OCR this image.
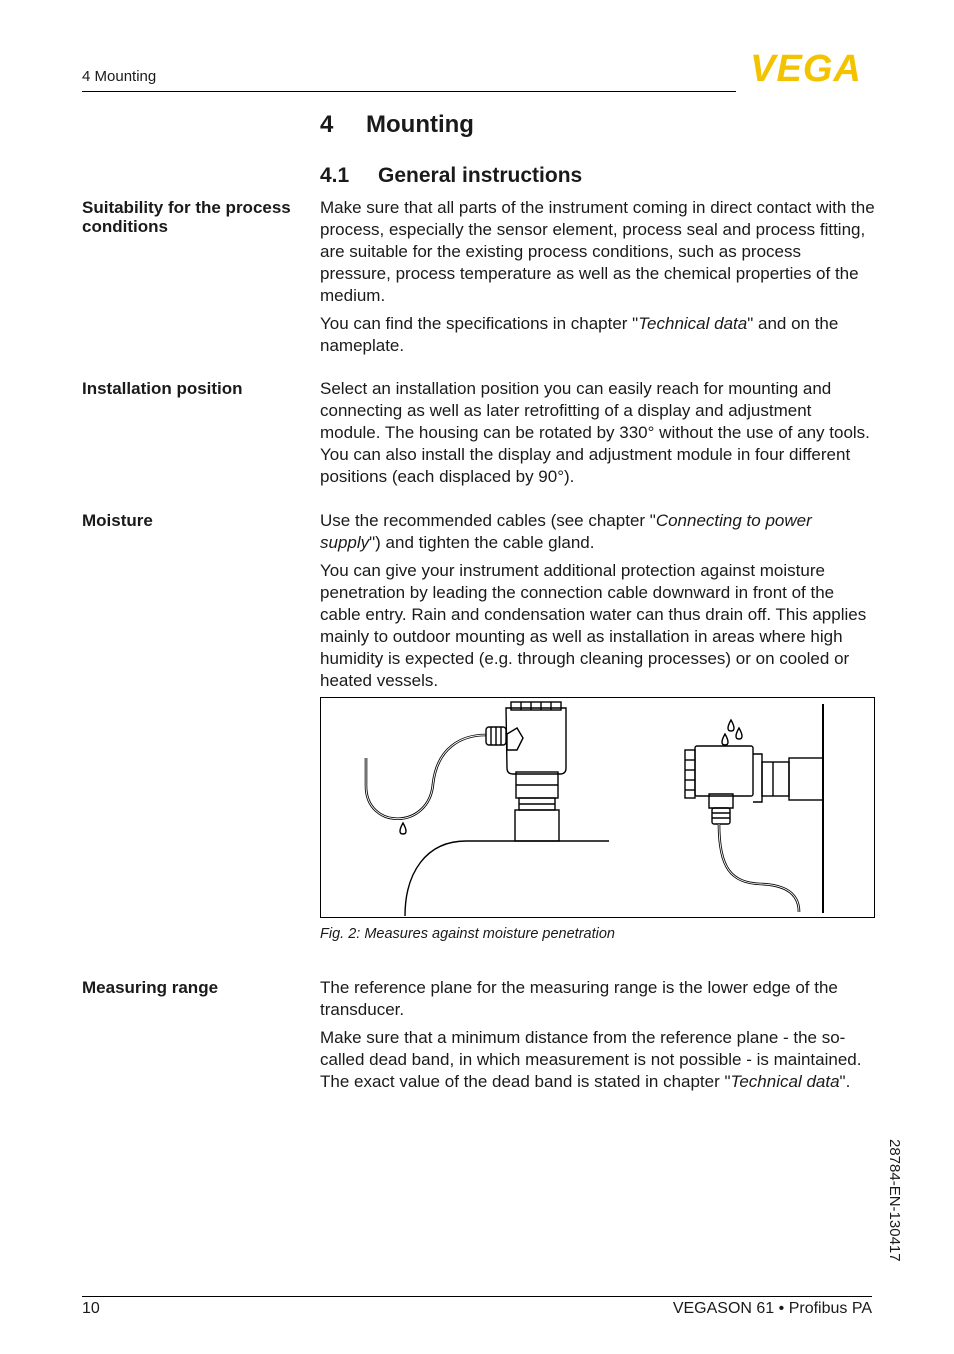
4 Mounting	VEGA
4 Mounting
4.1 General instructions
Suitability for the process conditions

Make sure that all parts of the instrument coming in direct contact with the process, especially the sensor element, process seal and process fitting, are suitable for the existing process conditions, such as process pressure, process temperature as well as the chemical properties of the medium.

You can find the specifications in chapter "Technical data" and on the nameplate.

Installation position	Select an installation position you can easily reach for mounting and connecting as well as later retrofitting of a display and adjustment module. The housing can be rotated by 330° without the use of any tools. You can also install the display and adjustment module in four different positions (each displaced by 90°).

Moisture	Use the recommended cables (see chapter "Connecting to power supply") and tighten the cable gland.

You can give your instrument additional protection against moisture penetration by leading the connection cable downward in front of the cable entry. Rain and condensation water can thus drain off. This applies mainly to outdoor mounting as well as installation in areas where high humidity is expected (e.g. through cleaning processes) or on cooled or heated vessels.

Fig. 2: Measures against moisture penetration
Measuring range	The reference plane for the measuring range is the lower edge of the transducer.

Make sure that a minimum distance from the reference plane - the so-called dead band, in which measurement is not possible - is maintained. The exact value of the dead band is stated in chapter "Technical data".

28784-EN-130417
10	VEGASON 61 • Profibus PA
